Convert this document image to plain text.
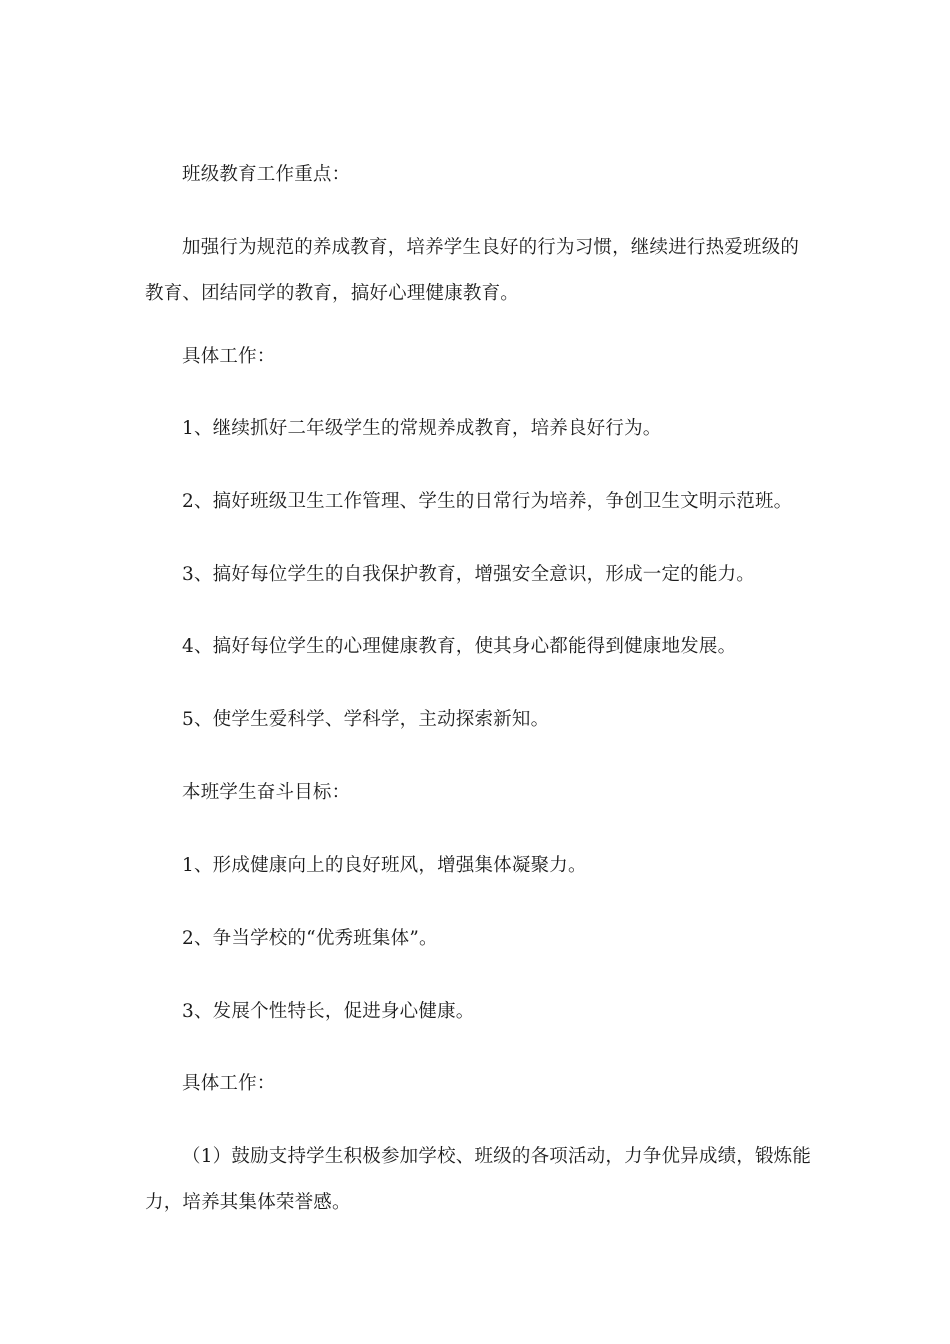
班级教育工作重点：

加强行为规范的养成教育，培养学生良好的行为习惯，继续进行热爱班级的教育、团结同学的教育，搞好心理健康教育。

具体工作：

1、继续抓好二年级学生的常规养成教育，培养良好行为。

2、搞好班级卫生工作管理、学生的日常行为培养，争创卫生文明示范班。

3、搞好每位学生的自我保护教育，增强安全意识，形成一定的能力。

4、搞好每位学生的心理健康教育，使其身心都能得到健康地发展。

5、使学生爱科学、学科学，主动探索新知。

本班学生奋斗目标：

1、形成健康向上的良好班风，增强集体凝聚力。

2、争当学校的“优秀班集体”。

3、发展个性特长，促进身心健康。

具体工作：

（1）鼓励支持学生积极参加学校、班级的各项活动，力争优异成绩，锻炼能力，培养其集体荣誉感。
